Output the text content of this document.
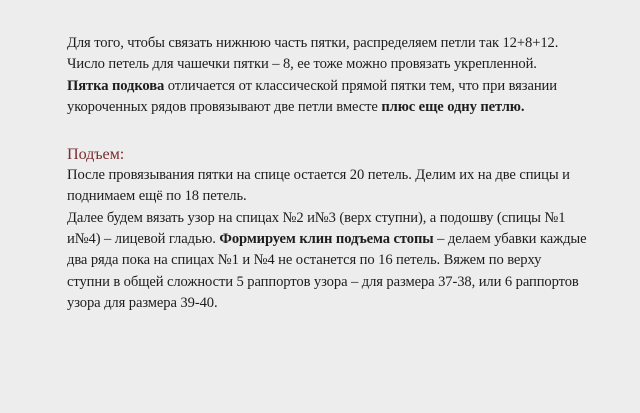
Для того, чтобы связать нижнюю часть пятки, распределяем петли так 12+8+12. Число петель для чашечки пятки – 8, ее тоже можно провязать укрепленной.

Пятка подкова отличается от классической прямой пятки тем, что при вязании укороченных рядов провязывают две петли вместе плюс еще одну петлю.

Подъем:

После провязывания пятки на спице остается 20 петель. Делим их на две спицы и поднимаем ещё по 18 петель.

Далее будем вязать узор на спицах №2 и№3 (верх ступни), а подошву (спицы №1 и№4) – лицевой гладью. Формируем клин подъема стопы – делаем убавки каждые два ряда пока на спицах №1 и №4 не останется по 16 петель. Вяжем по верху ступни в общей сложности 5 раппортов узора – для размера 37-38, или 6 раппортов узора для размера 39-40.
